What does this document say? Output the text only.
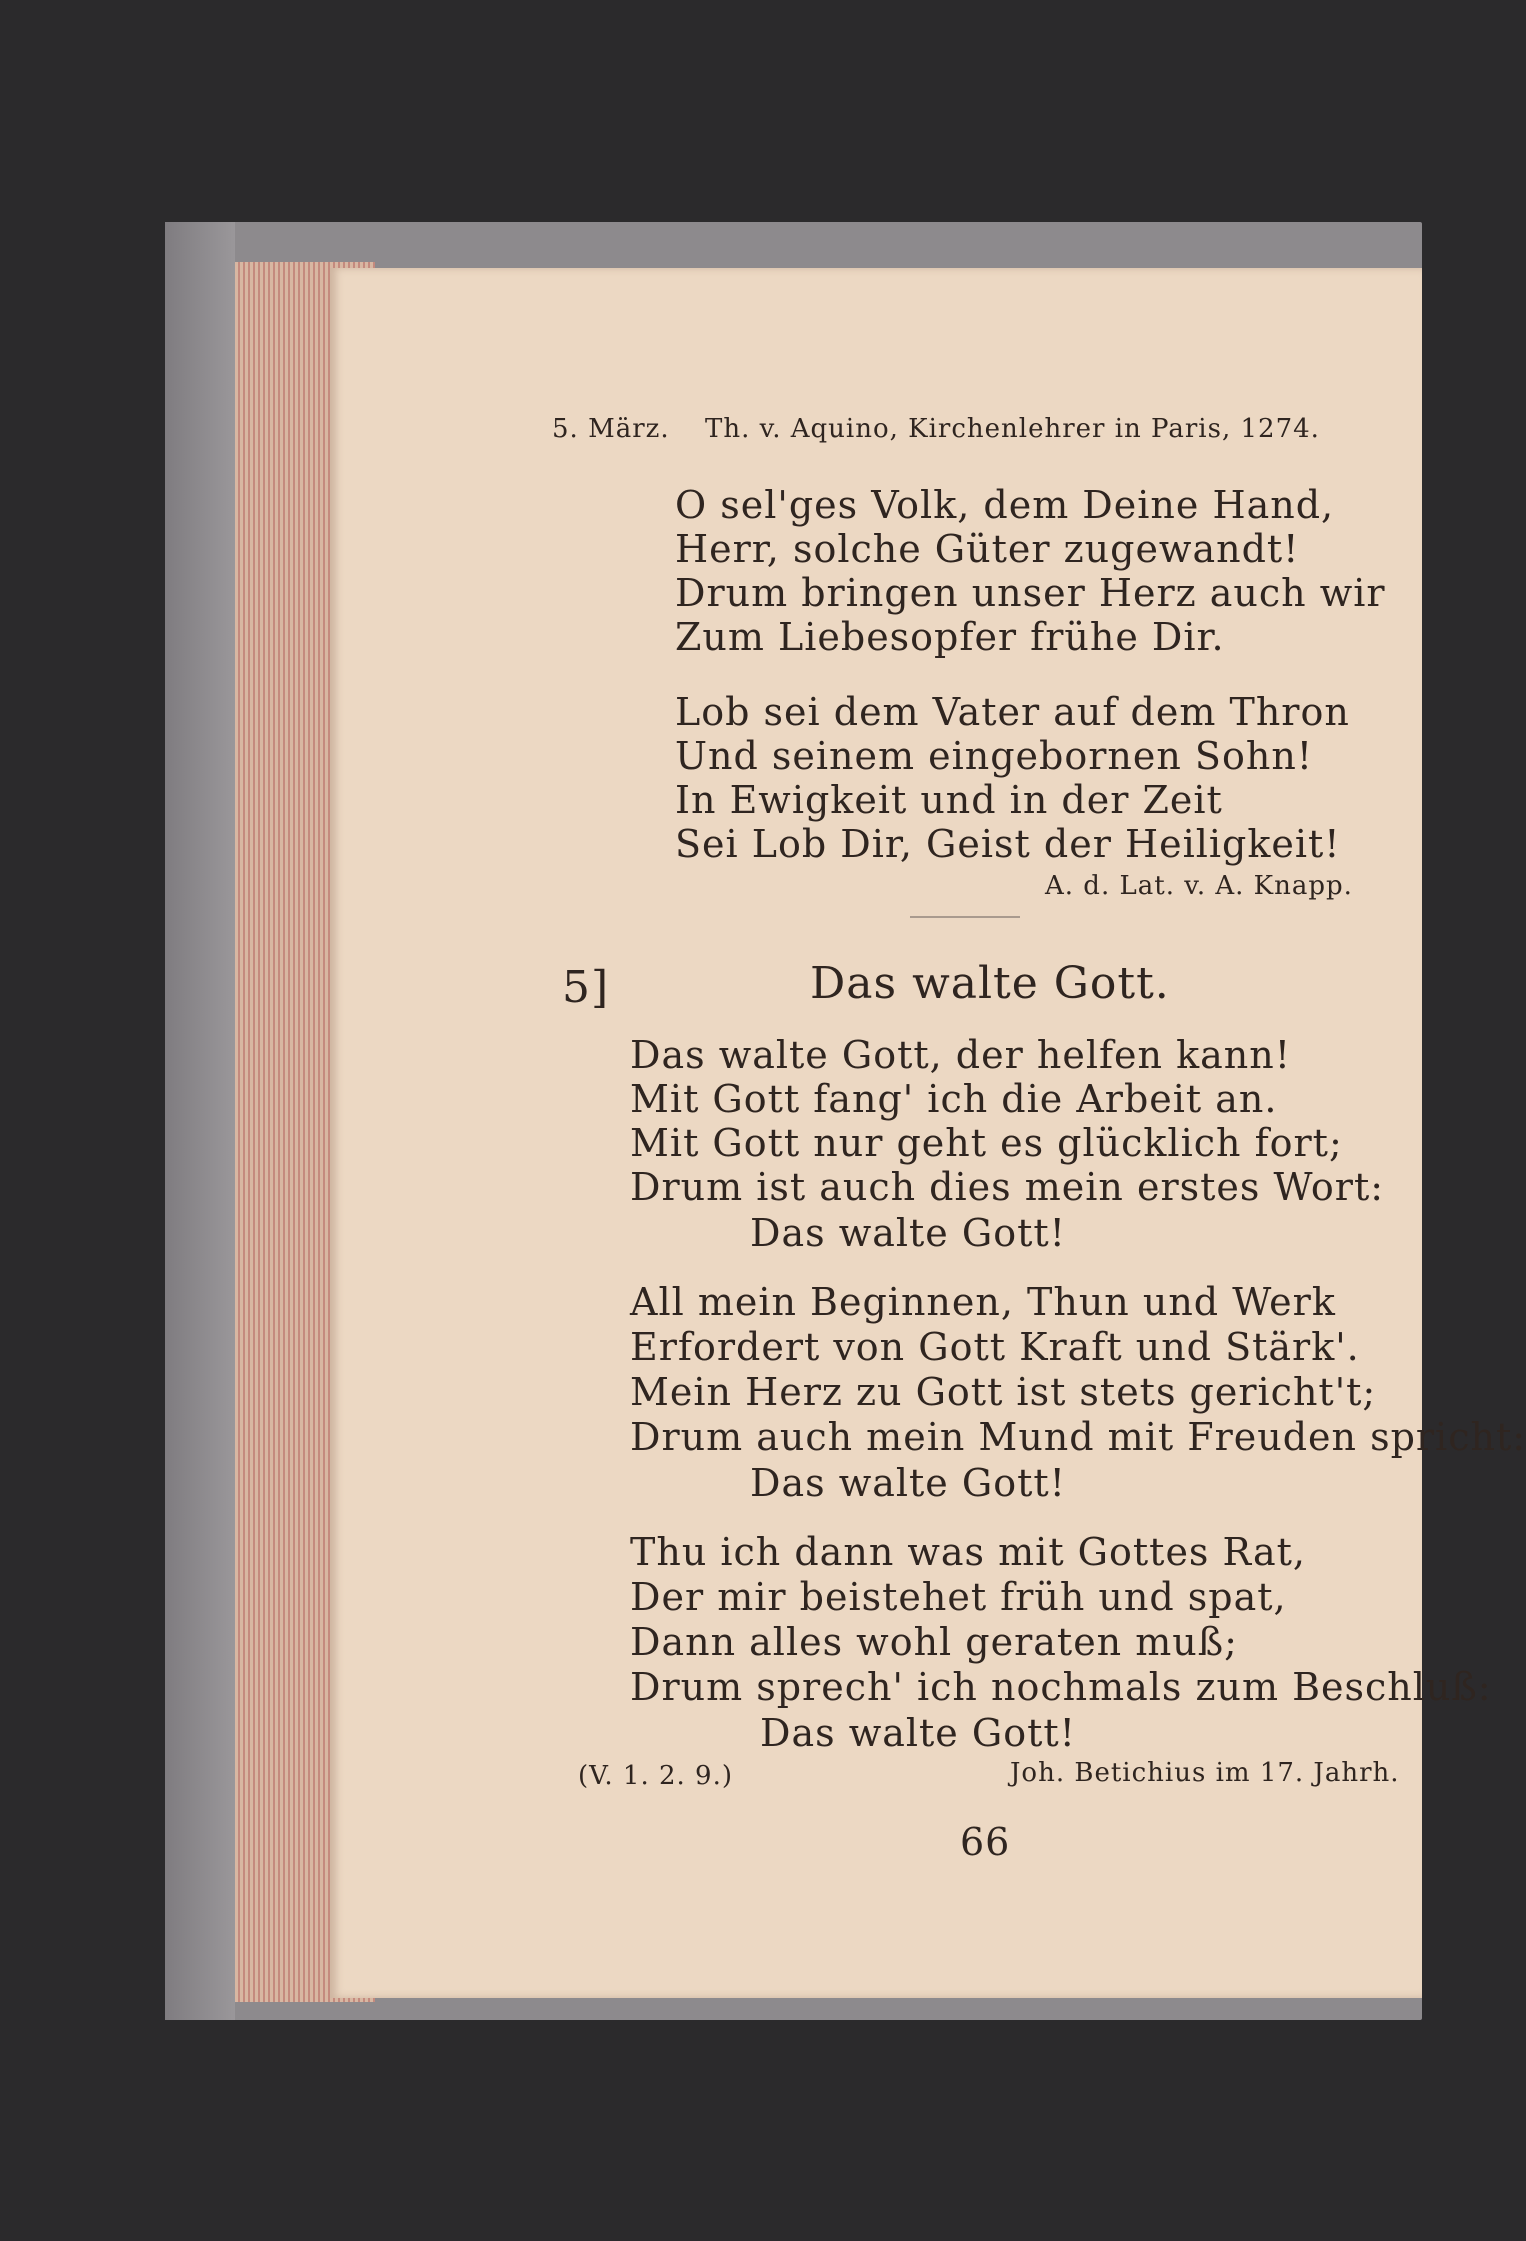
5. März. Th. v. Aquino, Kirchenlehrer in Paris, 1274.
O sel'ges Volk, dem Deine Hand,
Herr, solche Güter zugewandt!
Drum bringen unser Herz auch wir
Zum Liebesopfer frühe Dir.
Lob sei dem Vater auf dem Thron
Und seinem eingebornen Sohn!
In Ewigkeit und in der Zeit
Sei Lob Dir, Geist der Heiligkeit!
A. d. Lat. v. A. Knapp.
5]	Das walte Gott.
Das walte Gott, der helfen kann!
Mit Gott fang' ich die Arbeit an.
Mit Gott nur geht es glücklich fort;
Drum ist auch dies mein erstes Wort:
Das walte Gott!
All mein Beginnen, Thun und Werk
Erfordert von Gott Kraft und Stärk'.
Mein Herz zu Gott ist stets gericht't;
Drum auch mein Mund mit Freuden spricht:
Das walte Gott!
Thu ich dann was mit Gottes Rat,
Der mir beistehet früh und spat,
Dann alles wohl geraten muß;
Drum sprech' ich nochmals zum Beschluß:
Das walte Gott!
(V. 1. 2. 9.)	Joh. Betichius im 17. Jahrh.
66
